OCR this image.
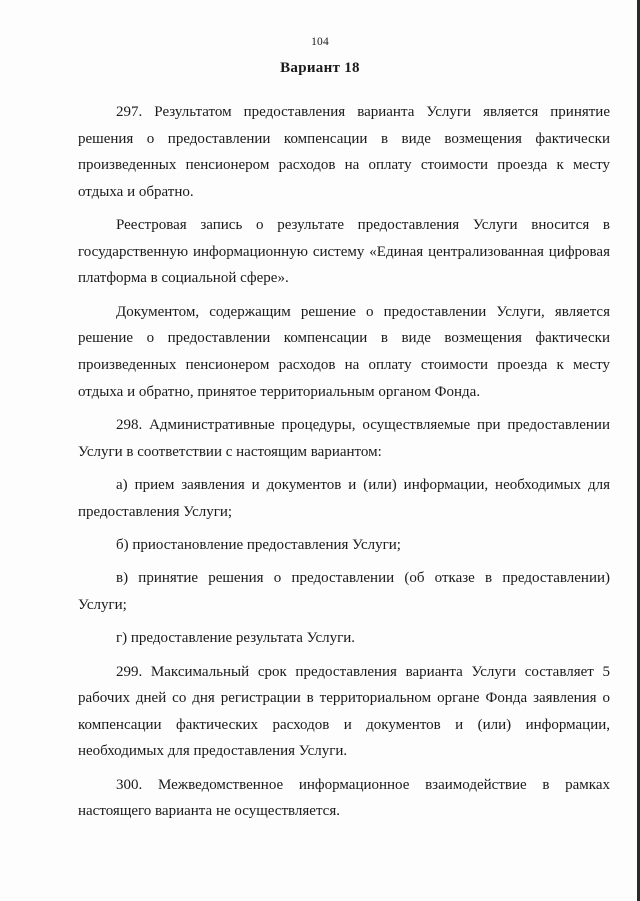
104
Вариант 18

297. Результатом предоставления варианта Услуги является принятие решения о предоставлении компенсации в виде возмещения фактически произведенных пенсионером расходов на оплату стоимости проезда к месту отдыха и обратно.

Реестровая запись о результате предоставления Услуги вносится в государственную информационную систему «Единая централизованная цифровая платформа в социальной сфере».

Документом, содержащим решение о предоставлении Услуги, является решение о предоставлении компенсации в виде возмещения фактически произведенных пенсионером расходов на оплату стоимости проезда к месту отдыха и обратно, принятое территориальным органом Фонда.

298. Административные процедуры, осуществляемые при предоставлении Услуги в соответствии с настоящим вариантом:

а) прием заявления и документов и (или) информации, необходимых для предоставления Услуги;

б) приостановление предоставления Услуги;

в) принятие решения о предоставлении (об отказе в предоставлении) Услуги;

г) предоставление результата Услуги.

299. Максимальный срок предоставления варианта Услуги составляет 5 рабочих дней со дня регистрации в территориальном органе Фонда заявления о компенсации фактических расходов и документов и (или) информации, необходимых для предоставления Услуги.

300. Межведомственное информационное взаимодействие в рамках настоящего варианта не осуществляется.
